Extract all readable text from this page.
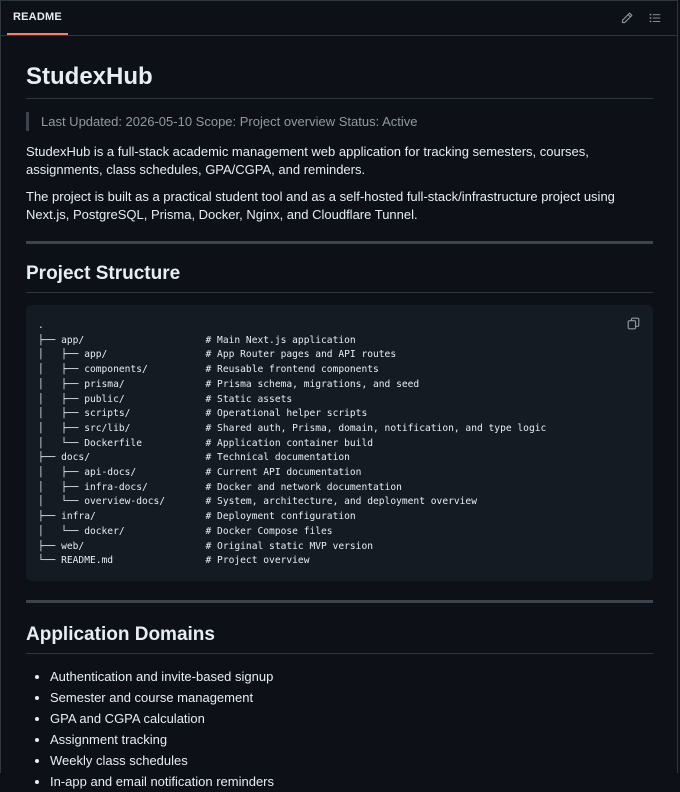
README
StudexHub
Last Updated: 2026-05-10 Scope: Project overview Status: Active

StudexHub is a full-stack academic management web application for tracking semesters, courses, assignments, class schedules, GPA/CGPA, and reminders.

The project is built as a practical student tool and as a self-hosted full-stack/infrastructure project using Next.js, PostgreSQL, Prisma, Docker, Nginx, and Cloudflare Tunnel.

Project Structure
.
├── app/                     # Main Next.js application
│   ├── app/                 # App Router pages and API routes
│   ├── components/          # Reusable frontend components
│   ├── prisma/              # Prisma schema, migrations, and seed
│   ├── public/              # Static assets
│   ├── scripts/             # Operational helper scripts
│   ├── src/lib/             # Shared auth, Prisma, domain, notification, and type logic
│   └── Dockerfile           # Application container build
├── docs/                    # Technical documentation
│   ├── api-docs/            # Current API documentation
│   ├── infra-docs/          # Docker and network documentation
│   └── overview-docs/       # System, architecture, and deployment overview
├── infra/                   # Deployment configuration
│   └── docker/              # Docker Compose files
├── web/                     # Original static MVP version
└── README.md                # Project overview
Application Domains
• Authentication and invite-based signup
• Semester and course management
• GPA and CGPA calculation
• Assignment tracking
• Weekly class schedules
• In-app and email notification reminders
